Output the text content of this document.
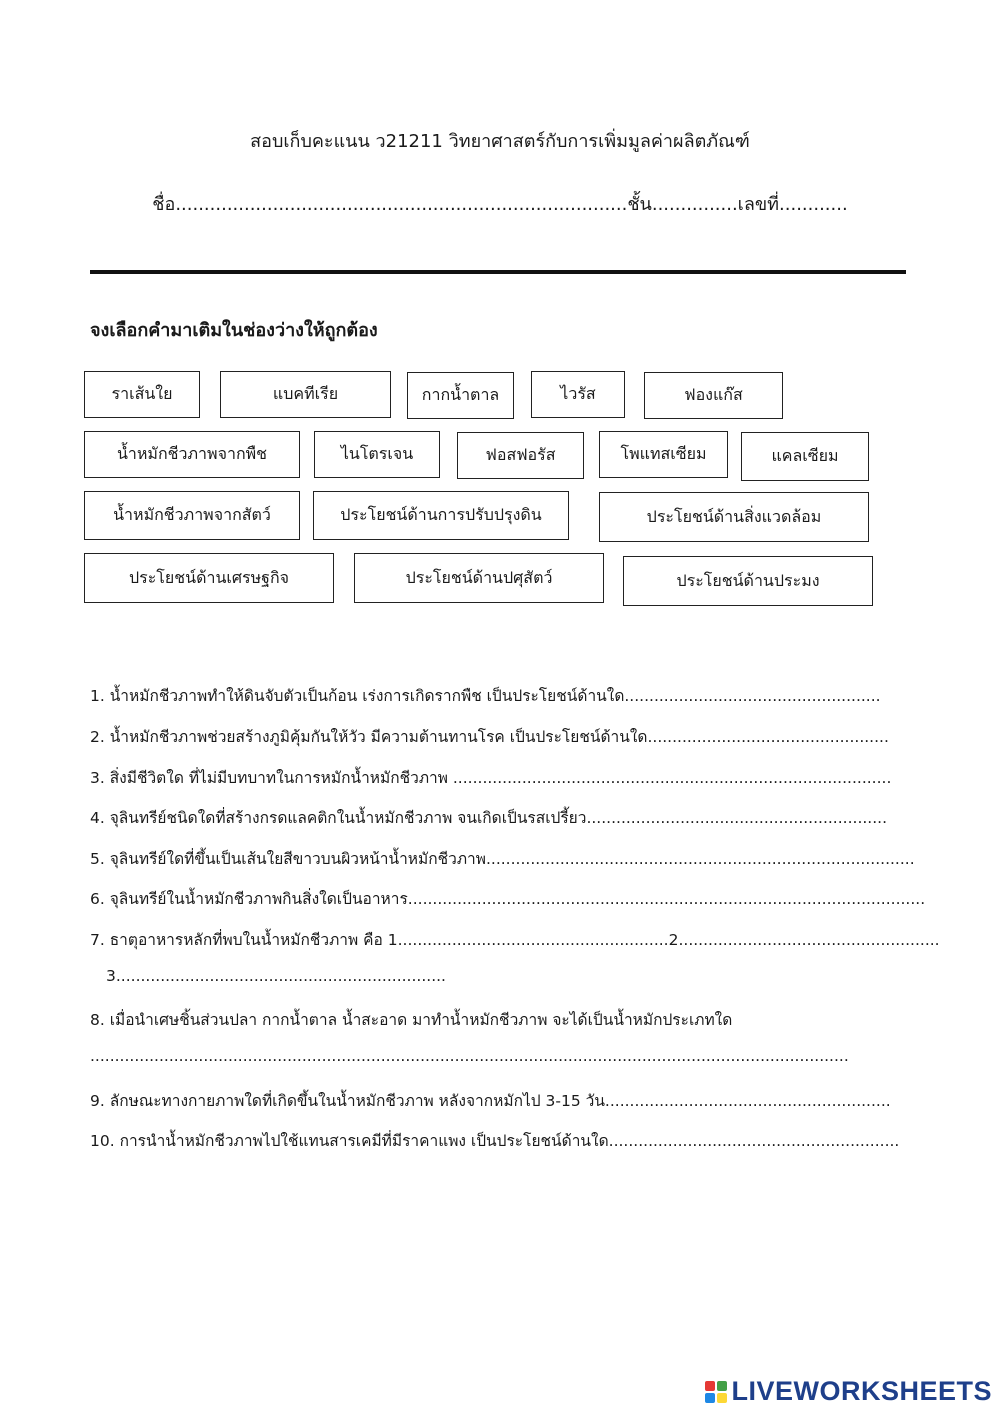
สอบเก็บคะแนน ว21211 วิทยาศาสตร์กับการเพิ่มมูลค่าผลิตภัณฑ์
ชื่อ...............................................................................ชั้น...............เลขที่............
จงเลือกคำมาเติมในช่องว่างให้ถูกต้อง
ราเส้นใย	แบคทีเรีย	กากน้ำตาล	ไวรัส	ฟองแก๊ส
น้ำหมักชีวภาพจากพืช	ไนโตรเจน	ฟอสฟอรัส	โพแทสเซียม	แคลเซียม
น้ำหมักชีวภาพจากสัตว์	ประโยชน์ด้านการปรับปรุงดิน	ประโยชน์ด้านสิ่งแวดล้อม
ประโยชน์ด้านเศรษฐกิจ	ประโยชน์ด้านปศุสัตว์	ประโยชน์ด้านประมง
1. น้ำหมักชีวภาพทำให้ดินจับตัวเป็นก้อน เร่งการเกิดรากพืช เป็นประโยชน์ด้านใด....................................................
2. น้ำหมักชีวภาพช่วยสร้างภูมิคุ้มกันให้วัว มีความต้านทานโรค เป็นประโยชน์ด้านใด.................................................
3. สิ่งมีชีวิตใด ที่ไม่มีบทบาทในการหมักน้ำหมักชีวภาพ .........................................................................................
4. จุลินทรีย์ชนิดใดที่สร้างกรดแลคติกในน้ำหมักชีวภาพ จนเกิดเป็นรสเปรี้ยว.............................................................
5. จุลินทรีย์ใดที่ขึ้นเป็นเส้นใยสีขาวบนผิวหน้าน้ำหมักชีวภาพ.......................................................................................
6. จุลินทรีย์ในน้ำหมักชีวภาพกินสิ่งใดเป็นอาหาร.........................................................................................................
7. ธาตุอาหารหลักที่พบในน้ำหมักชีวภาพ คือ 1.......................................................2.....................................................
3...................................................................
8. เมื่อนำเศษชิ้นส่วนปลา กากน้ำตาล น้ำสะอาด มาทำน้ำหมักชีวภาพ จะได้เป็นน้ำหมักประเภทใด
..........................................................................................................................................................
9. ลักษณะทางกายภาพใดที่เกิดขึ้นในน้ำหมักชีวภาพ หลังจากหมักไป 3-15 วัน..........................................................
10. การนำน้ำหมักชีวภาพไปใช้แทนสารเคมีที่มีราคาแพง เป็นประโยชน์ด้านใด...........................................................
LIVEWORKSHEETS
